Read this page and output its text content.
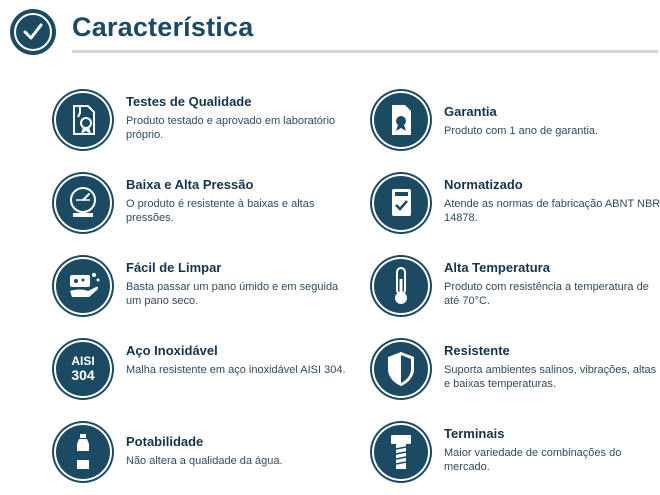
Característica
Testes de Qualidade

Produto testado e aprovado em laboratório próprio.

Baixa e Alta Pressão

O produto é resistente à baixas e altas pressões.

Fácil de Limpar

Basta passar um pano úmido e em seguida um pano seco.

AISI
304
Aço Inoxidável

Malha resistente em aço inoxidável AISI 304.

Potabilidade

Não altera a qualidade da água.

Garantia

Produto com 1 ano de garantia.

Normatizado

Atende as normas de fabricação ABNT NBR 14878.

Alta Temperatura

Produto com resistência a temperatura de até 70°C.

Resistente

Suporta ambientes salinos, vibrações, altas e baixas temperaturas.

Terminais

Maior variedade de combinações do mercado.
